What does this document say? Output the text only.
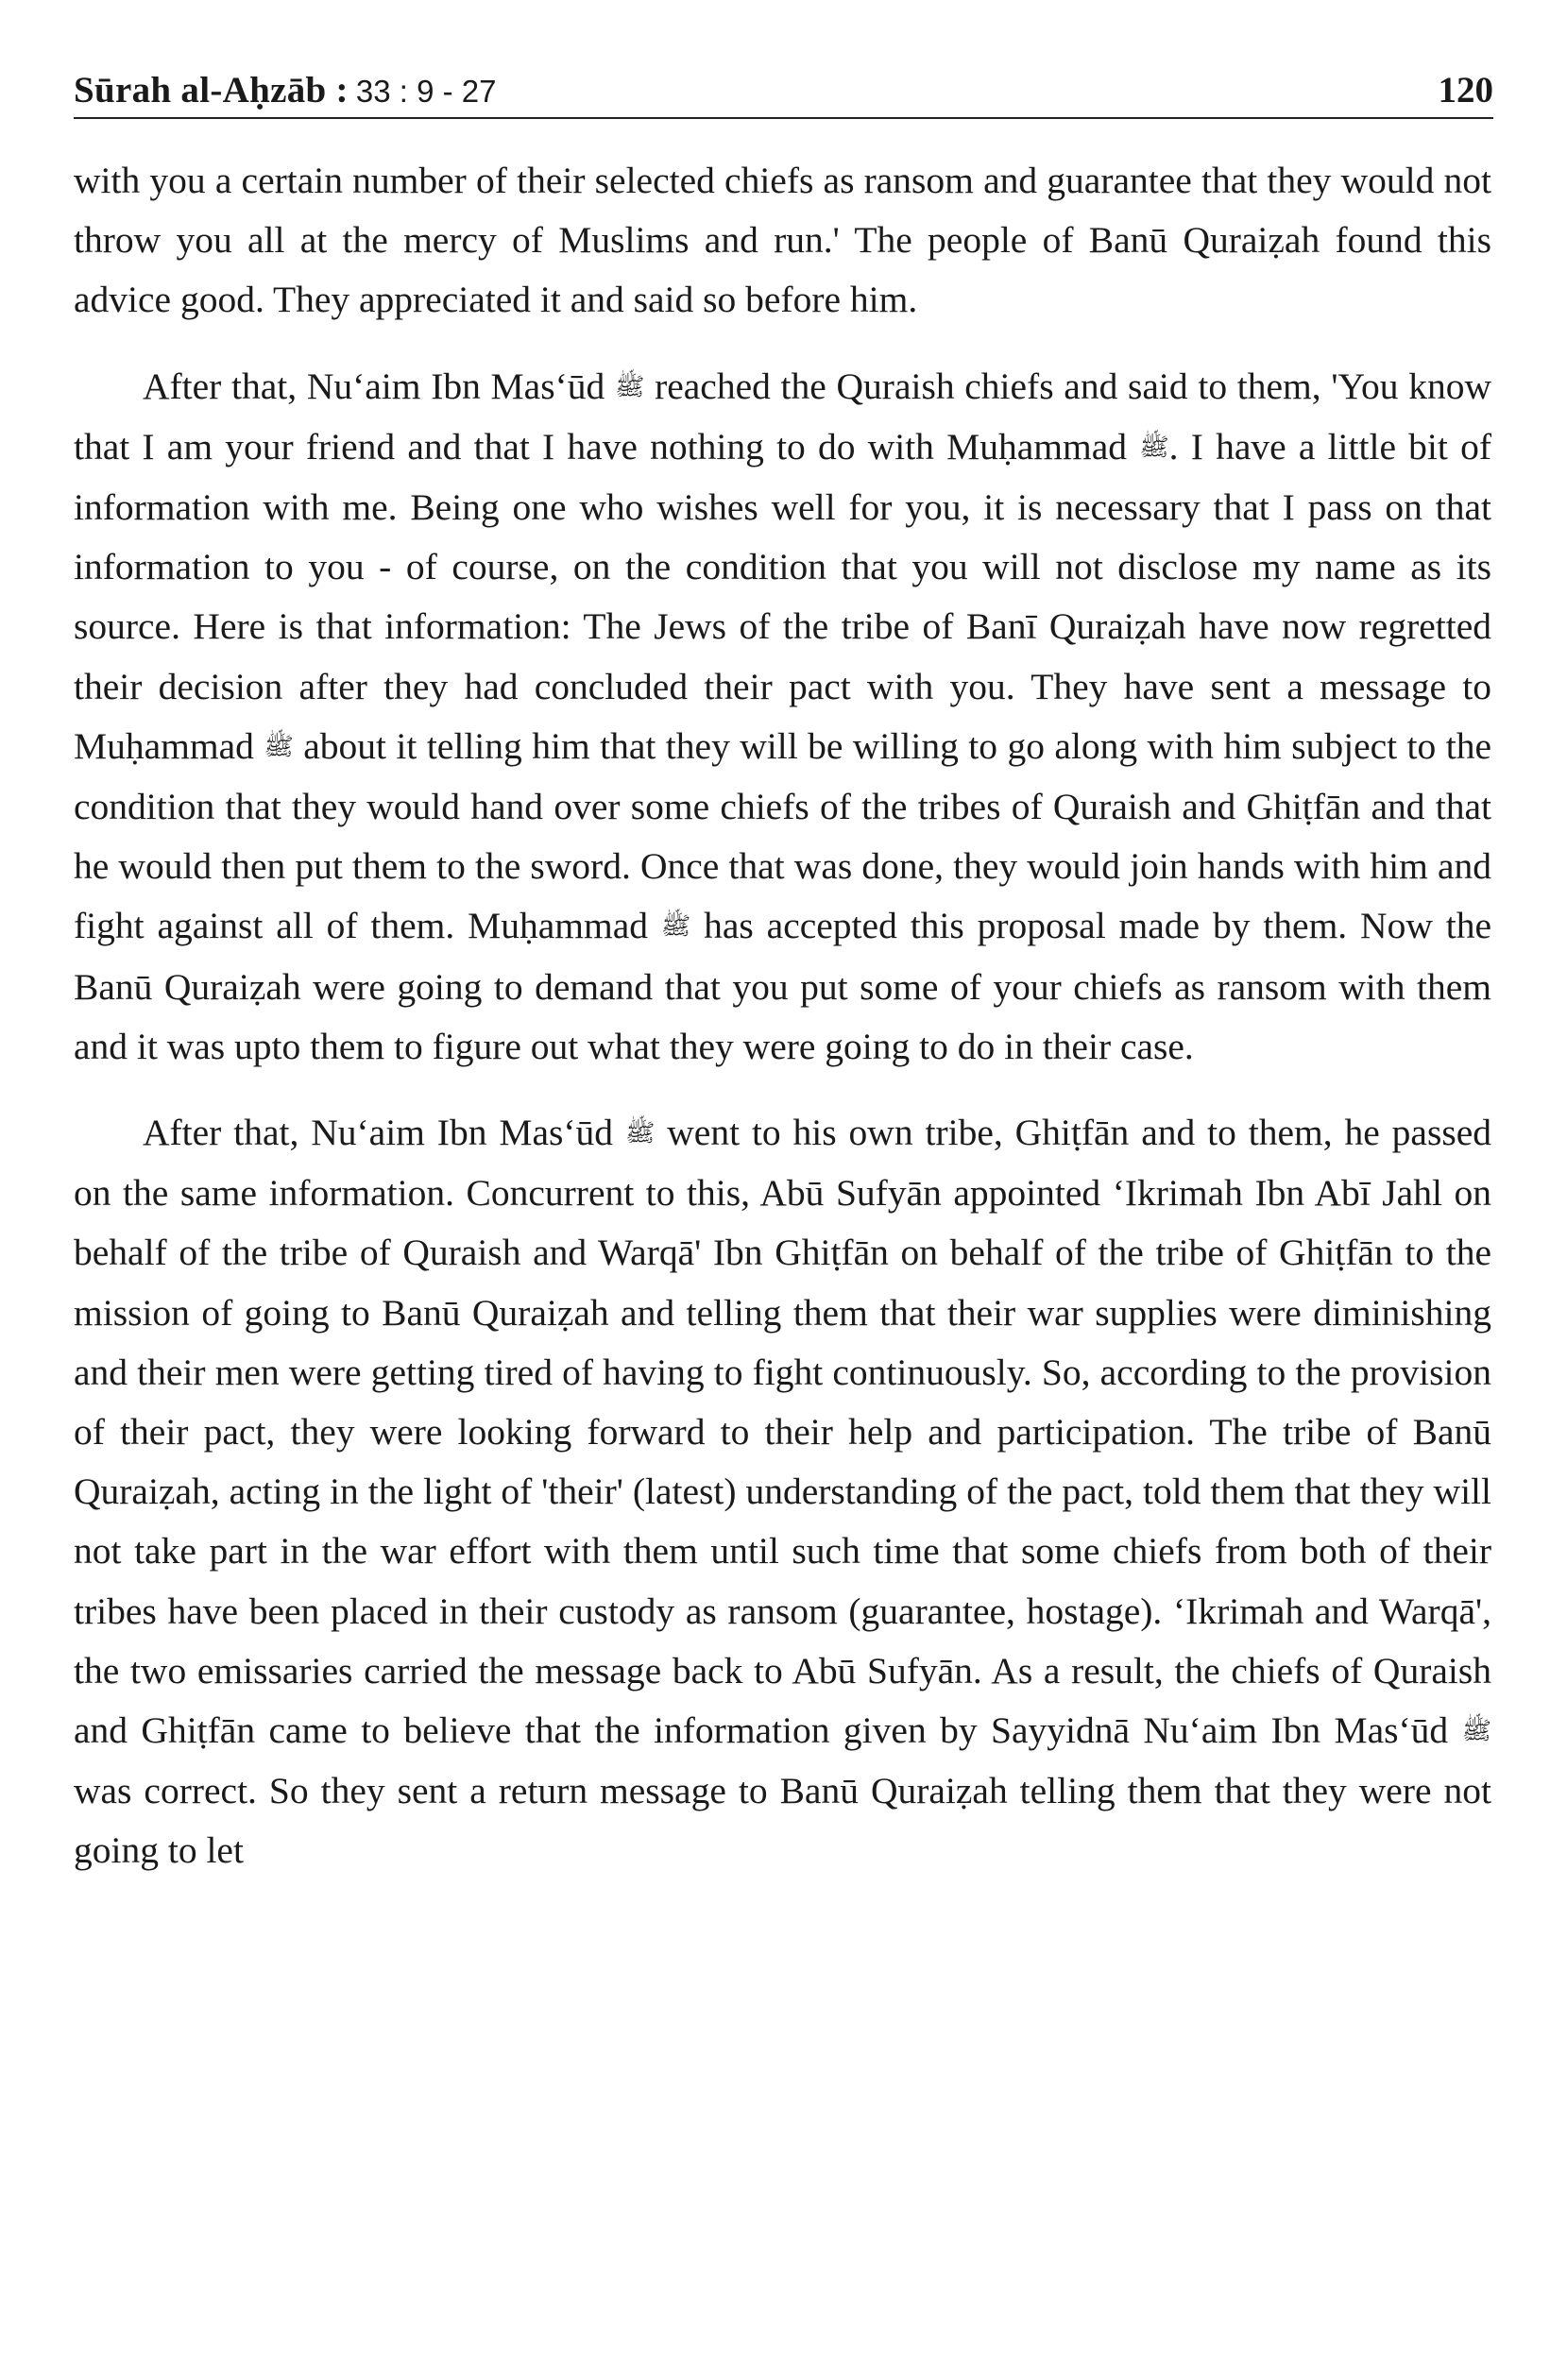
Sūrah al-Aḥzāb : 33 : 9 - 27	120

with you a certain number of their selected chiefs as ransom and guarantee that they would not throw you all at the mercy of Muslims and run.' The people of Banū Quraiẓah found this advice good. They appreciated it and said so before him.

After that, Nu‘aim Ibn Mas‘ūd ﷺ reached the Quraish chiefs and said to them, 'You know that I am your friend and that I have nothing to do with Muḥammad ﷺ. I have a little bit of information with me. Being one who wishes well for you, it is necessary that I pass on that information to you - of course, on the condition that you will not disclose my name as its source. Here is that information: The Jews of the tribe of Banī Quraiẓah have now regretted their decision after they had concluded their pact with you. They have sent a message to Muḥammad ﷺ about it telling him that they will be willing to go along with him subject to the condition that they would hand over some chiefs of the tribes of Quraish and Ghiṭfān and that he would then put them to the sword. Once that was done, they would join hands with him and fight against all of them. Muḥammad ﷺ has accepted this proposal made by them. Now the Banū Quraiẓah were going to demand that you put some of your chiefs as ransom with them and it was upto them to figure out what they were going to do in their case.

After that, Nu‘aim Ibn Mas‘ūd ﷺ went to his own tribe, Ghiṭfān and to them, he passed on the same information. Concurrent to this, Abū Sufyān appointed ‘Ikrimah Ibn Abī Jahl on behalf of the tribe of Quraish and Warqā' Ibn Ghiṭfān on behalf of the tribe of Ghiṭfān to the mission of going to Banū Quraiẓah and telling them that their war supplies were diminishing and their men were getting tired of having to fight continuously. So, according to the provision of their pact, they were looking forward to their help and participation. The tribe of Banū Quraiẓah, acting in the light of 'their' (latest) understanding of the pact, told them that they will not take part in the war effort with them until such time that some chiefs from both of their tribes have been placed in their custody as ransom (guarantee, hostage). ‘Ikrimah and Warqā', the two emissaries carried the message back to Abū Sufyān. As a result, the chiefs of Quraish and Ghiṭfān came to believe that the information given by Sayyidnā Nu‘aim Ibn Mas‘ūd ﷺ was correct. So they sent a return message to Banū Quraiẓah telling them that they were not going to let
